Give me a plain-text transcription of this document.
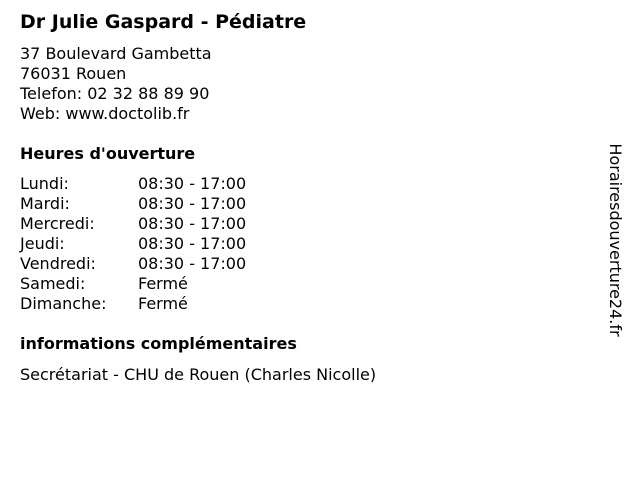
Dr Julie Gaspard - Pédiatre
37 Boulevard Gambetta
76031 Rouen
Telefon: 02 32 88 89 90
Web: www.doctolib.fr
Heures d'ouverture
Lundi:	08:30 - 17:00
Mardi:	08:30 - 17:00
Mercredi:	08:30 - 17:00
Jeudi:	08:30 - 17:00
Vendredi:	08:30 - 17:00
Samedi:	Fermé
Dimanche: Fermé
informations complémentaires
Secrétariat - CHU de Rouen (Charles Nicolle)
Horairesdouverture24.fr
